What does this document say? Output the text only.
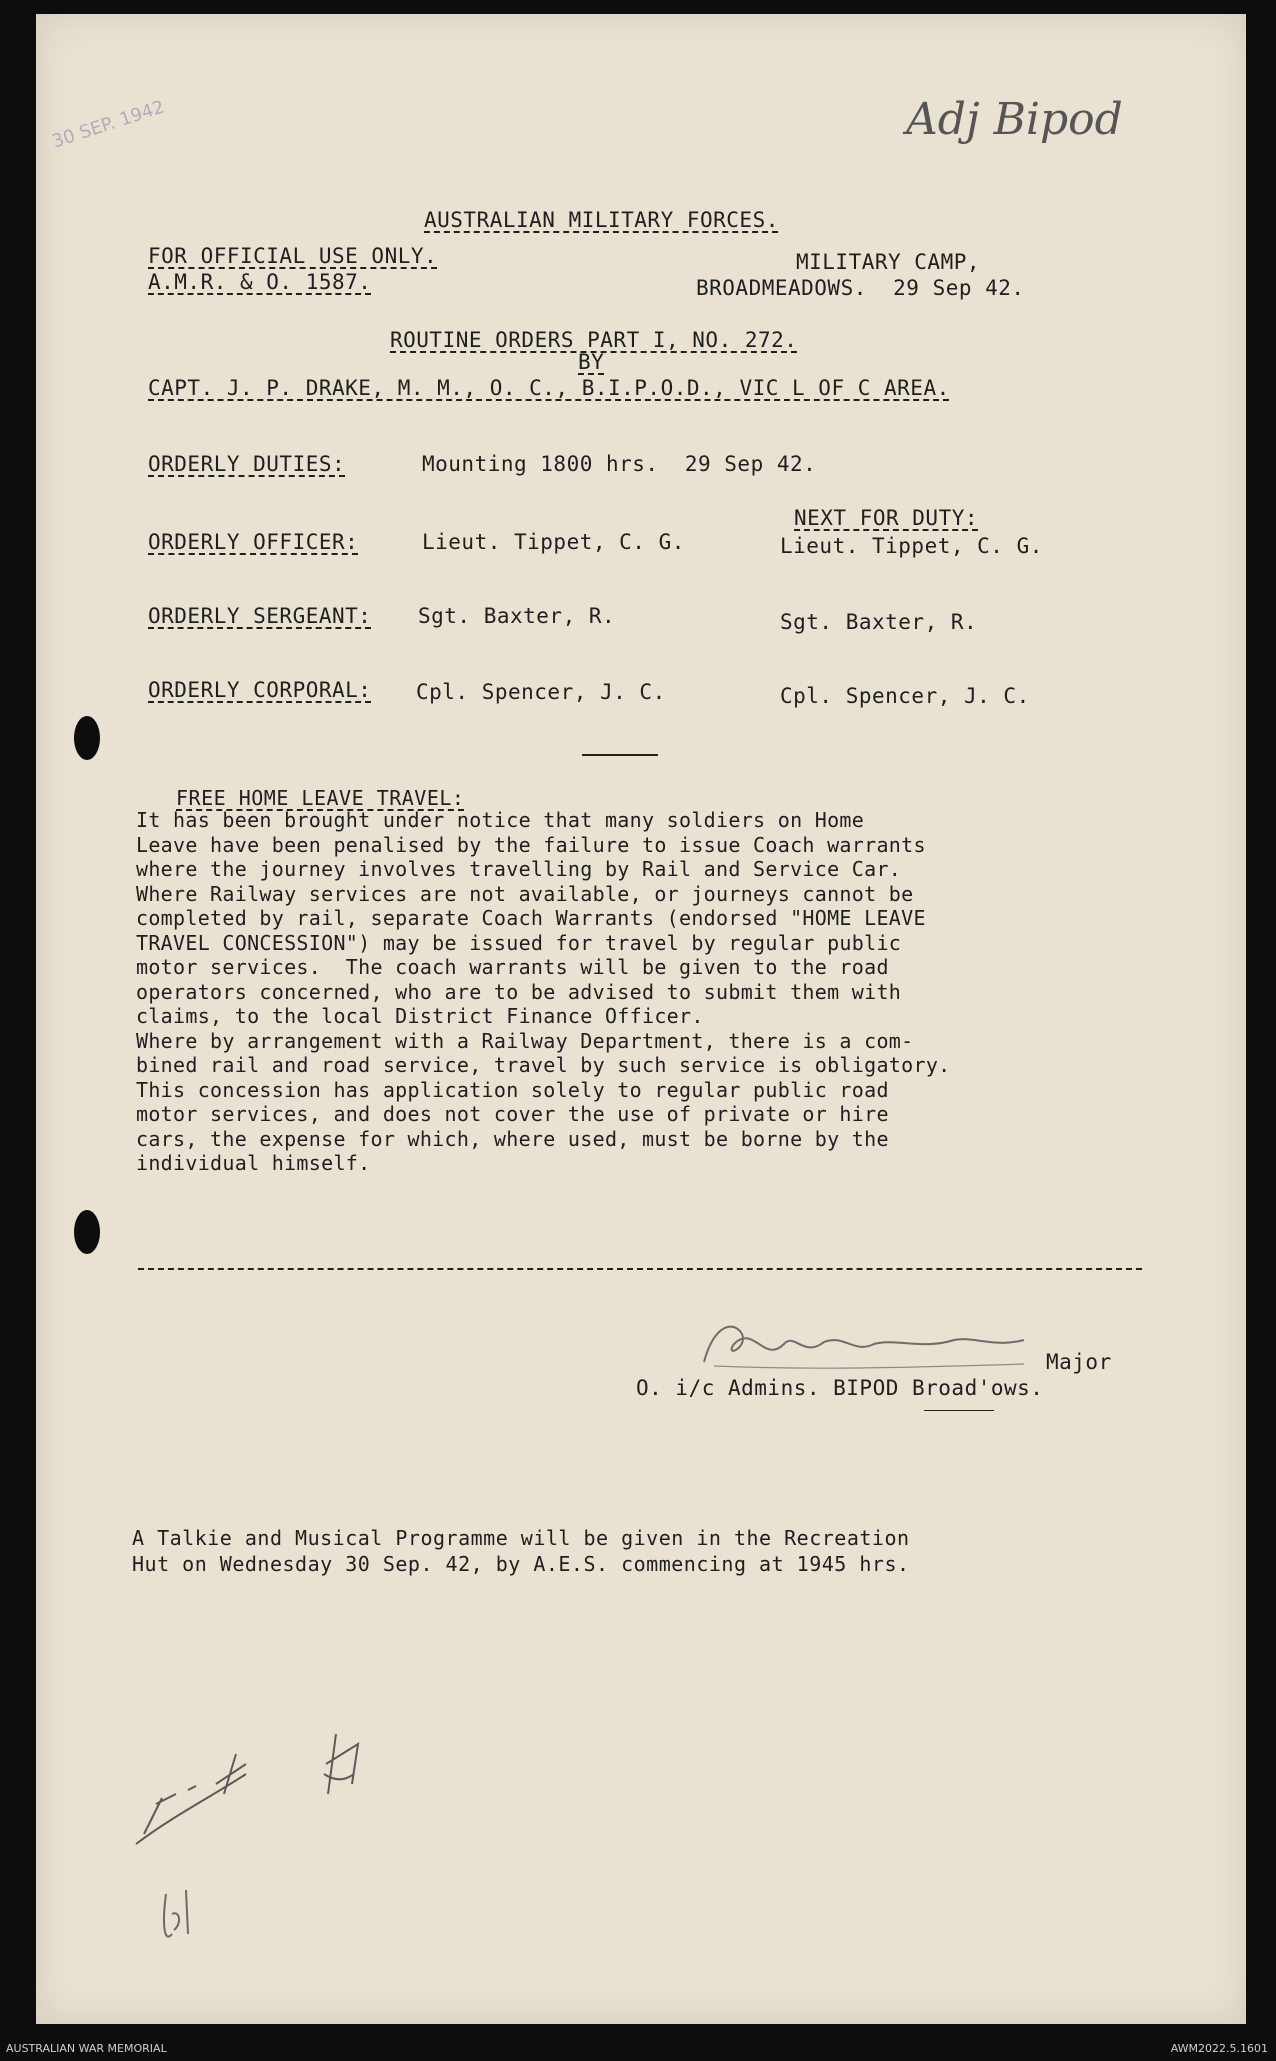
30 SEP. 1942	Adj Bipod
AUSTRALIAN MILITARY FORCES.
FOR OFFICIAL USE ONLY.
A.M.R. & O. 1587.
MILITARY CAMP,
BROADMEADOWS.  29 Sep 42.
ROUTINE ORDERS PART I, NO. 272.
BY
CAPT. J. P. DRAKE, M. M., O. C., B.I.P.O.D., VIC L OF C AREA.
ORDERLY DUTIES:	Mounting 1800 hrs.  29 Sep 42.
NEXT FOR DUTY:
ORDERLY OFFICER:	Lieut. Tippet, C. G.	Lieut. Tippet, C. G.
ORDERLY SERGEANT: Sgt. Baxter, R.	Sgt. Baxter, R.
ORDERLY CORPORAL: Cpl. Spencer, J. C.	Cpl. Spencer, J. C.
FREE HOME LEAVE TRAVEL:
It has been brought under notice that many soldiers on Home
Leave have been penalised by the failure to issue Coach warrants
where the journey involves travelling by Rail and Service Car.
Where Railway services are not available, or journeys cannot be
completed by rail, separate Coach Warrants (endorsed "HOME LEAVE
TRAVEL CONCESSION") may be issued for travel by regular public
motor services.  The coach warrants will be given to the road
operators concerned, who are to be advised to submit them with
claims, to the local District Finance Officer.
Where by arrangement with a Railway Department, there is a com-
bined rail and road service, travel by such service is obligatory.
This concession has application solely to regular public road
motor services, and does not cover the use of private or hire
cars, the expense for which, where used, must be borne by the
individual himself.
Major
O. i/c Admins. BIPOD Broad'ows.
A Talkie and Musical Programme will be given in the Recreation
Hut on Wednesday 30 Sep. 42, by A.E.S. commencing at 1945 hrs.
AUSTRALIAN WAR MEMORIAL	AWM2022.5.1601
